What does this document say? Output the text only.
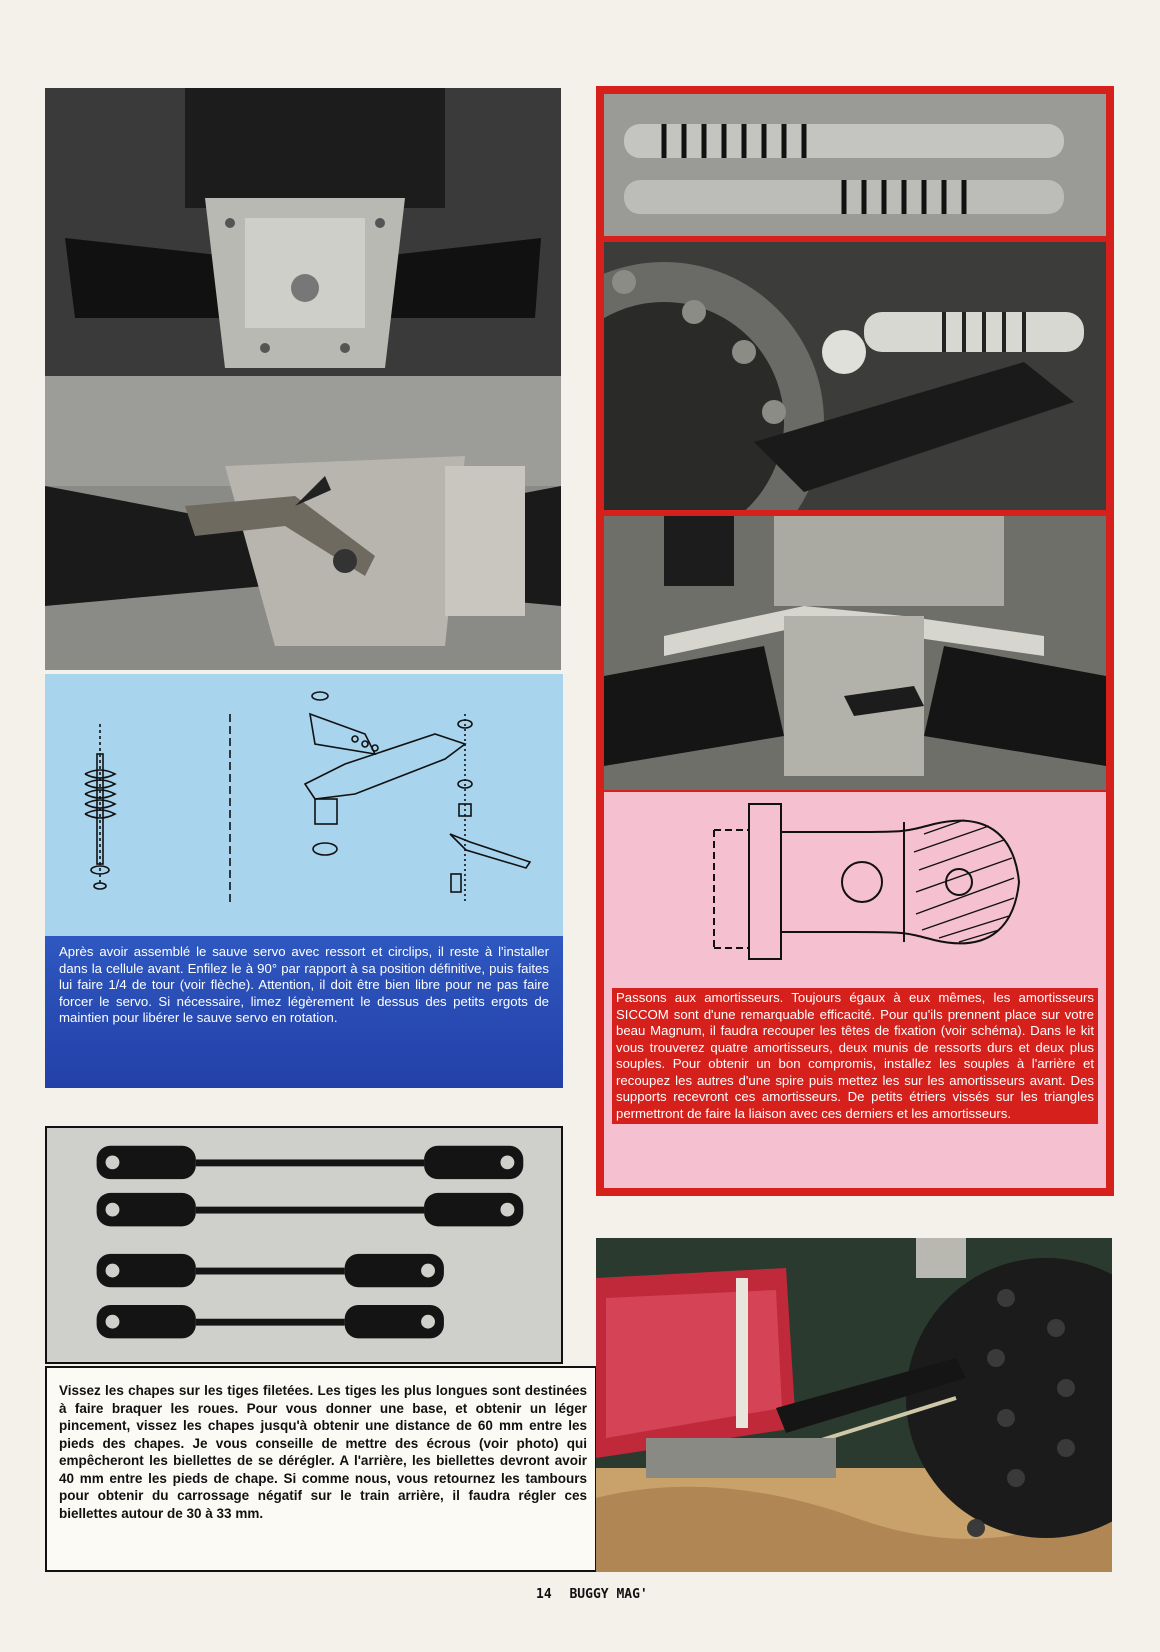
Après avoir assemblé le sauve servo avec ressort et circlips, il reste à l'installer dans la cellule avant. Enfilez le à 90° par rapport à sa position définitive, puis faites lui faire 1/4 de tour (voir flèche). Attention, il doit être bien libre pour ne pas faire forcer le servo. Si nécessaire, limez légèrement le dessus des petits ergots de maintien pour libérer le sauve servo en rotation.
Vissez les chapes sur les tiges filetées. Les tiges les plus longues sont destinées à faire braquer les roues. Pour vous donner une base, et obtenir un léger pincement, vissez les chapes jusqu'à obtenir une distance de 60 mm entre les pieds des chapes. Je vous conseille de mettre des écrous (voir photo) qui empêcheront les biellettes de se dérégler. A l'arrière, les biellettes devront avoir 40 mm entre les pieds de chape. Si comme nous, vous retournez les tambours pour obtenir du carrossage négatif sur le train arrière, il faudra régler ces biellettes autour de 30 à 33 mm.
Passons aux amortisseurs. Toujours égaux à eux mêmes, les amortisseurs SICCOM sont d'une remarquable efficacité. Pour qu'ils prennent place sur votre beau Magnum, il faudra recouper les têtes de fixation (voir schéma). Dans le kit vous trouverez quatre amortisseurs, deux munis de ressorts durs et deux plus souples. Pour obtenir un bon compromis, installez les souples à l'arrière et recoupez les autres d'une spire puis mettez les sur les amortisseurs avant. Des supports recevront ces amortisseurs. De petits étriers vissés sur les triangles permettront de faire la liaison avec ces derniers et les amortisseurs.
14 BUGGY MAG'
